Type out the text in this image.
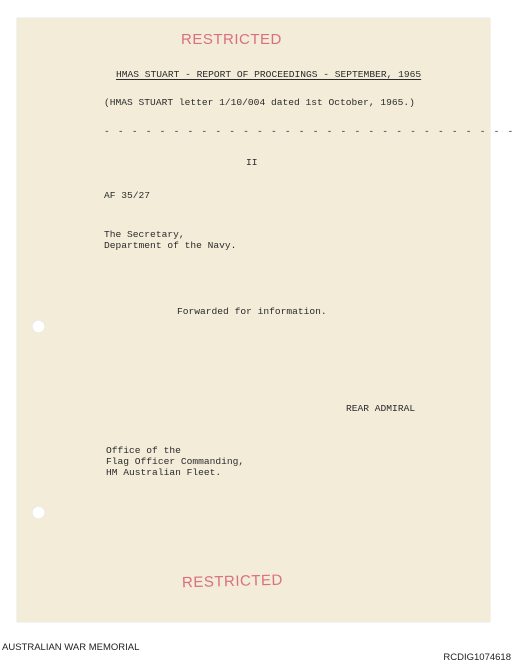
RESTRICTED
HMAS STUART - REPORT OF PROCEEDINGS - SEPTEMBER, 1965
(HMAS STUART letter 1/10/004 dated 1st October, 1965.)
- - - - - - - - - - - - - - - - - - - - - - - - - - - - - -
II
AF 35/27
The Secretary,
Department of the Navy.
Forwarded for information.
REAR ADMIRAL
Office of the
Flag Officer Commanding,
HM Australian Fleet.
RESTRICTED
AUSTRALIAN WAR MEMORIAL
RCDIG1074618
